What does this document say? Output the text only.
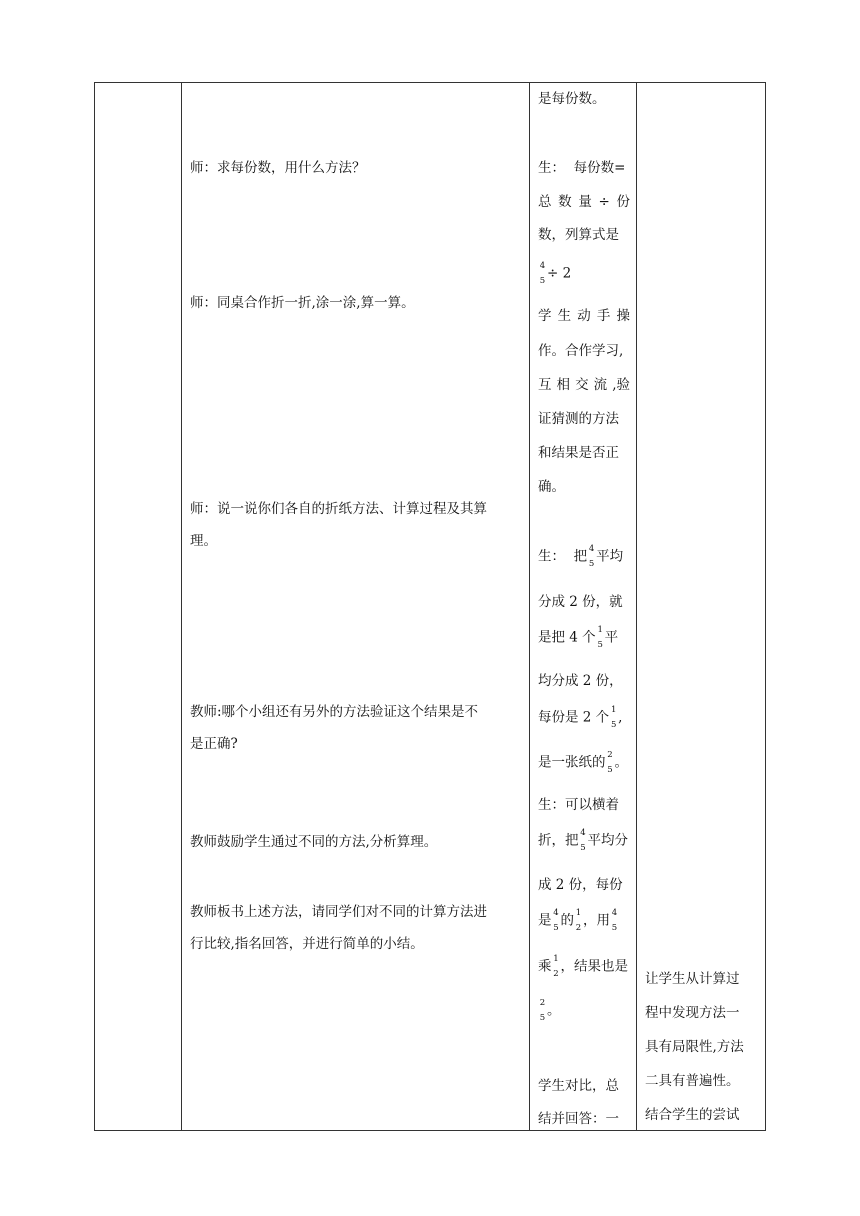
师：求每份数，用什么方法？
师：同桌合作折一折,涂一涂,算一算。
师：说一说你们各自的折纸方法、计算过程及其算
理。
教师:哪个小组还有另外的方法验证这个结果是不
是正确?
教师鼓励学生通过不同的方法,分析算理。
教师板书上述方法，请同学们对不同的计算方法进
行比较,指名回答，并进行简单的小结。
是每份数。
生： 每份数=
总 数 量 ÷ 份
数，列算式是
4
5 ÷ 2
学 生 动 手 操
作。合作学习,
互 相 交 流 ,验
证猜测的方法
和结果是否正
确。
生： 把 4
5 平均
分成 2 份，就
是把 4 个 1
5 平
均分成 2 份，
每份是 2 个 1
5 ,
是一张纸的 2
5 。
生：可以横着
折，把 4
5 平均分
成 2 份，每份
是 4
5 的 1
2 ，用 4
5
乘 1
2 ，结果也是
2
5 。
学生对比，总
结并回答：一
让学生从计算过
程中发现方法一
具有局限性,方法
二具有普遍性。
结合学生的尝试
